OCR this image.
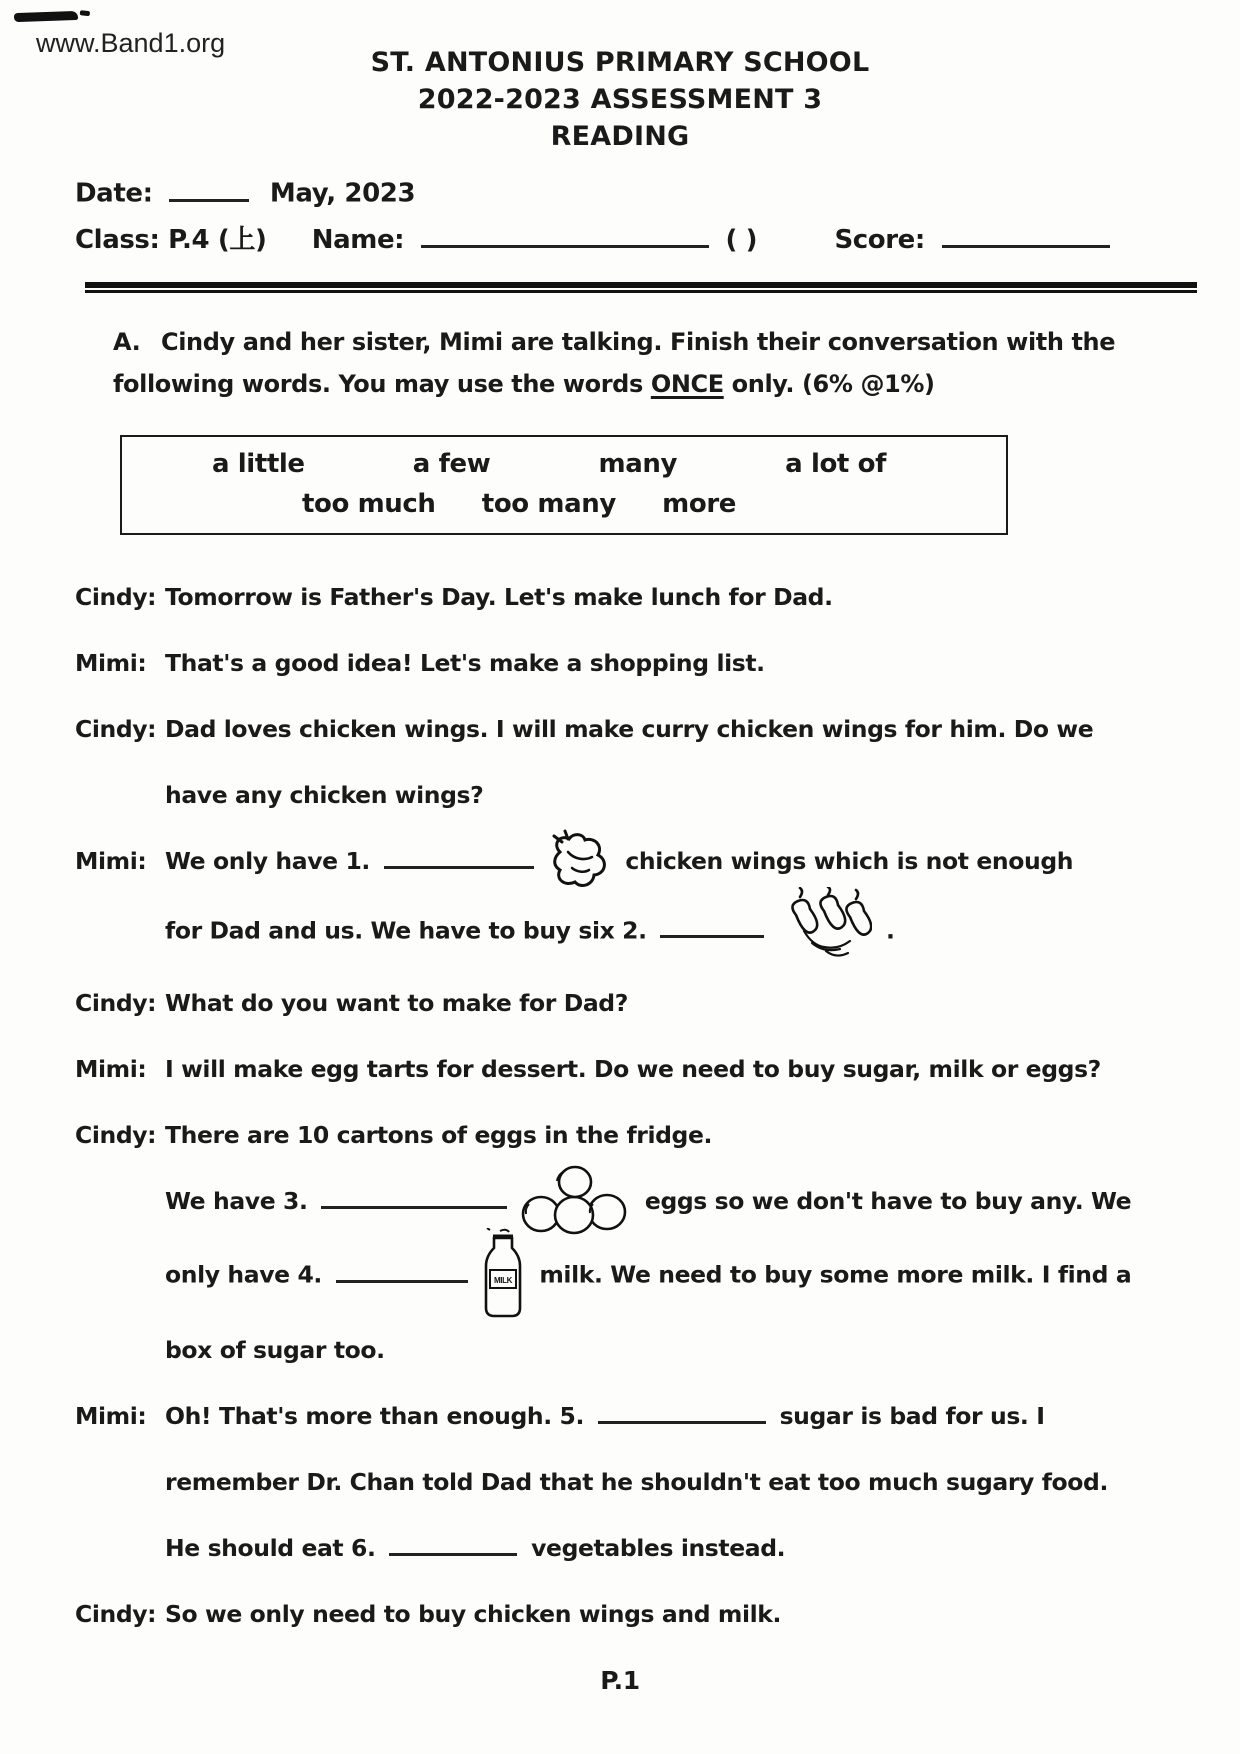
www.Band1.org
ST. ANTONIUS PRIMARY SCHOOL
2022-2023 ASSESSMENT 3
READING
Date:	May, 2023
Class: P.4 (上) Name:	( )	Score:
A. Cindy and her sister, Mimi are talking. Finish their conversation with the following words. You may use the words ONCE only. (6% @1%)
a little	a few	many	a lot of
too much too many more
Cindy: Tomorrow is Father's Day. Let's make lunch for Dad.
Mimi: That's a good idea! Let's make a shopping list.
Cindy: Dad loves chicken wings. I will make curry chicken wings for him. Do we
have any chicken wings?
Mimi: We only have 1.	chicken wings which is not enough
for Dad and us. We have to buy six 2.	.
Cindy: What do you want to make for Dad?
Mimi: I will make egg tarts for dessert. Do we need to buy sugar, milk or eggs?
Cindy: There are 10 cartons of eggs in the fridge.
We have 3.	eggs so we don't have to buy any. We
only have 4.	MILK milk. We need to buy some more milk. I find a
box of sugar too.
Mimi: Oh! That's more than enough. 5.	sugar is bad for us. I
remember Dr. Chan told Dad that he shouldn't eat too much sugary food.
He should eat 6.	vegetables instead.
Cindy: So we only need to buy chicken wings and milk.
P.1
